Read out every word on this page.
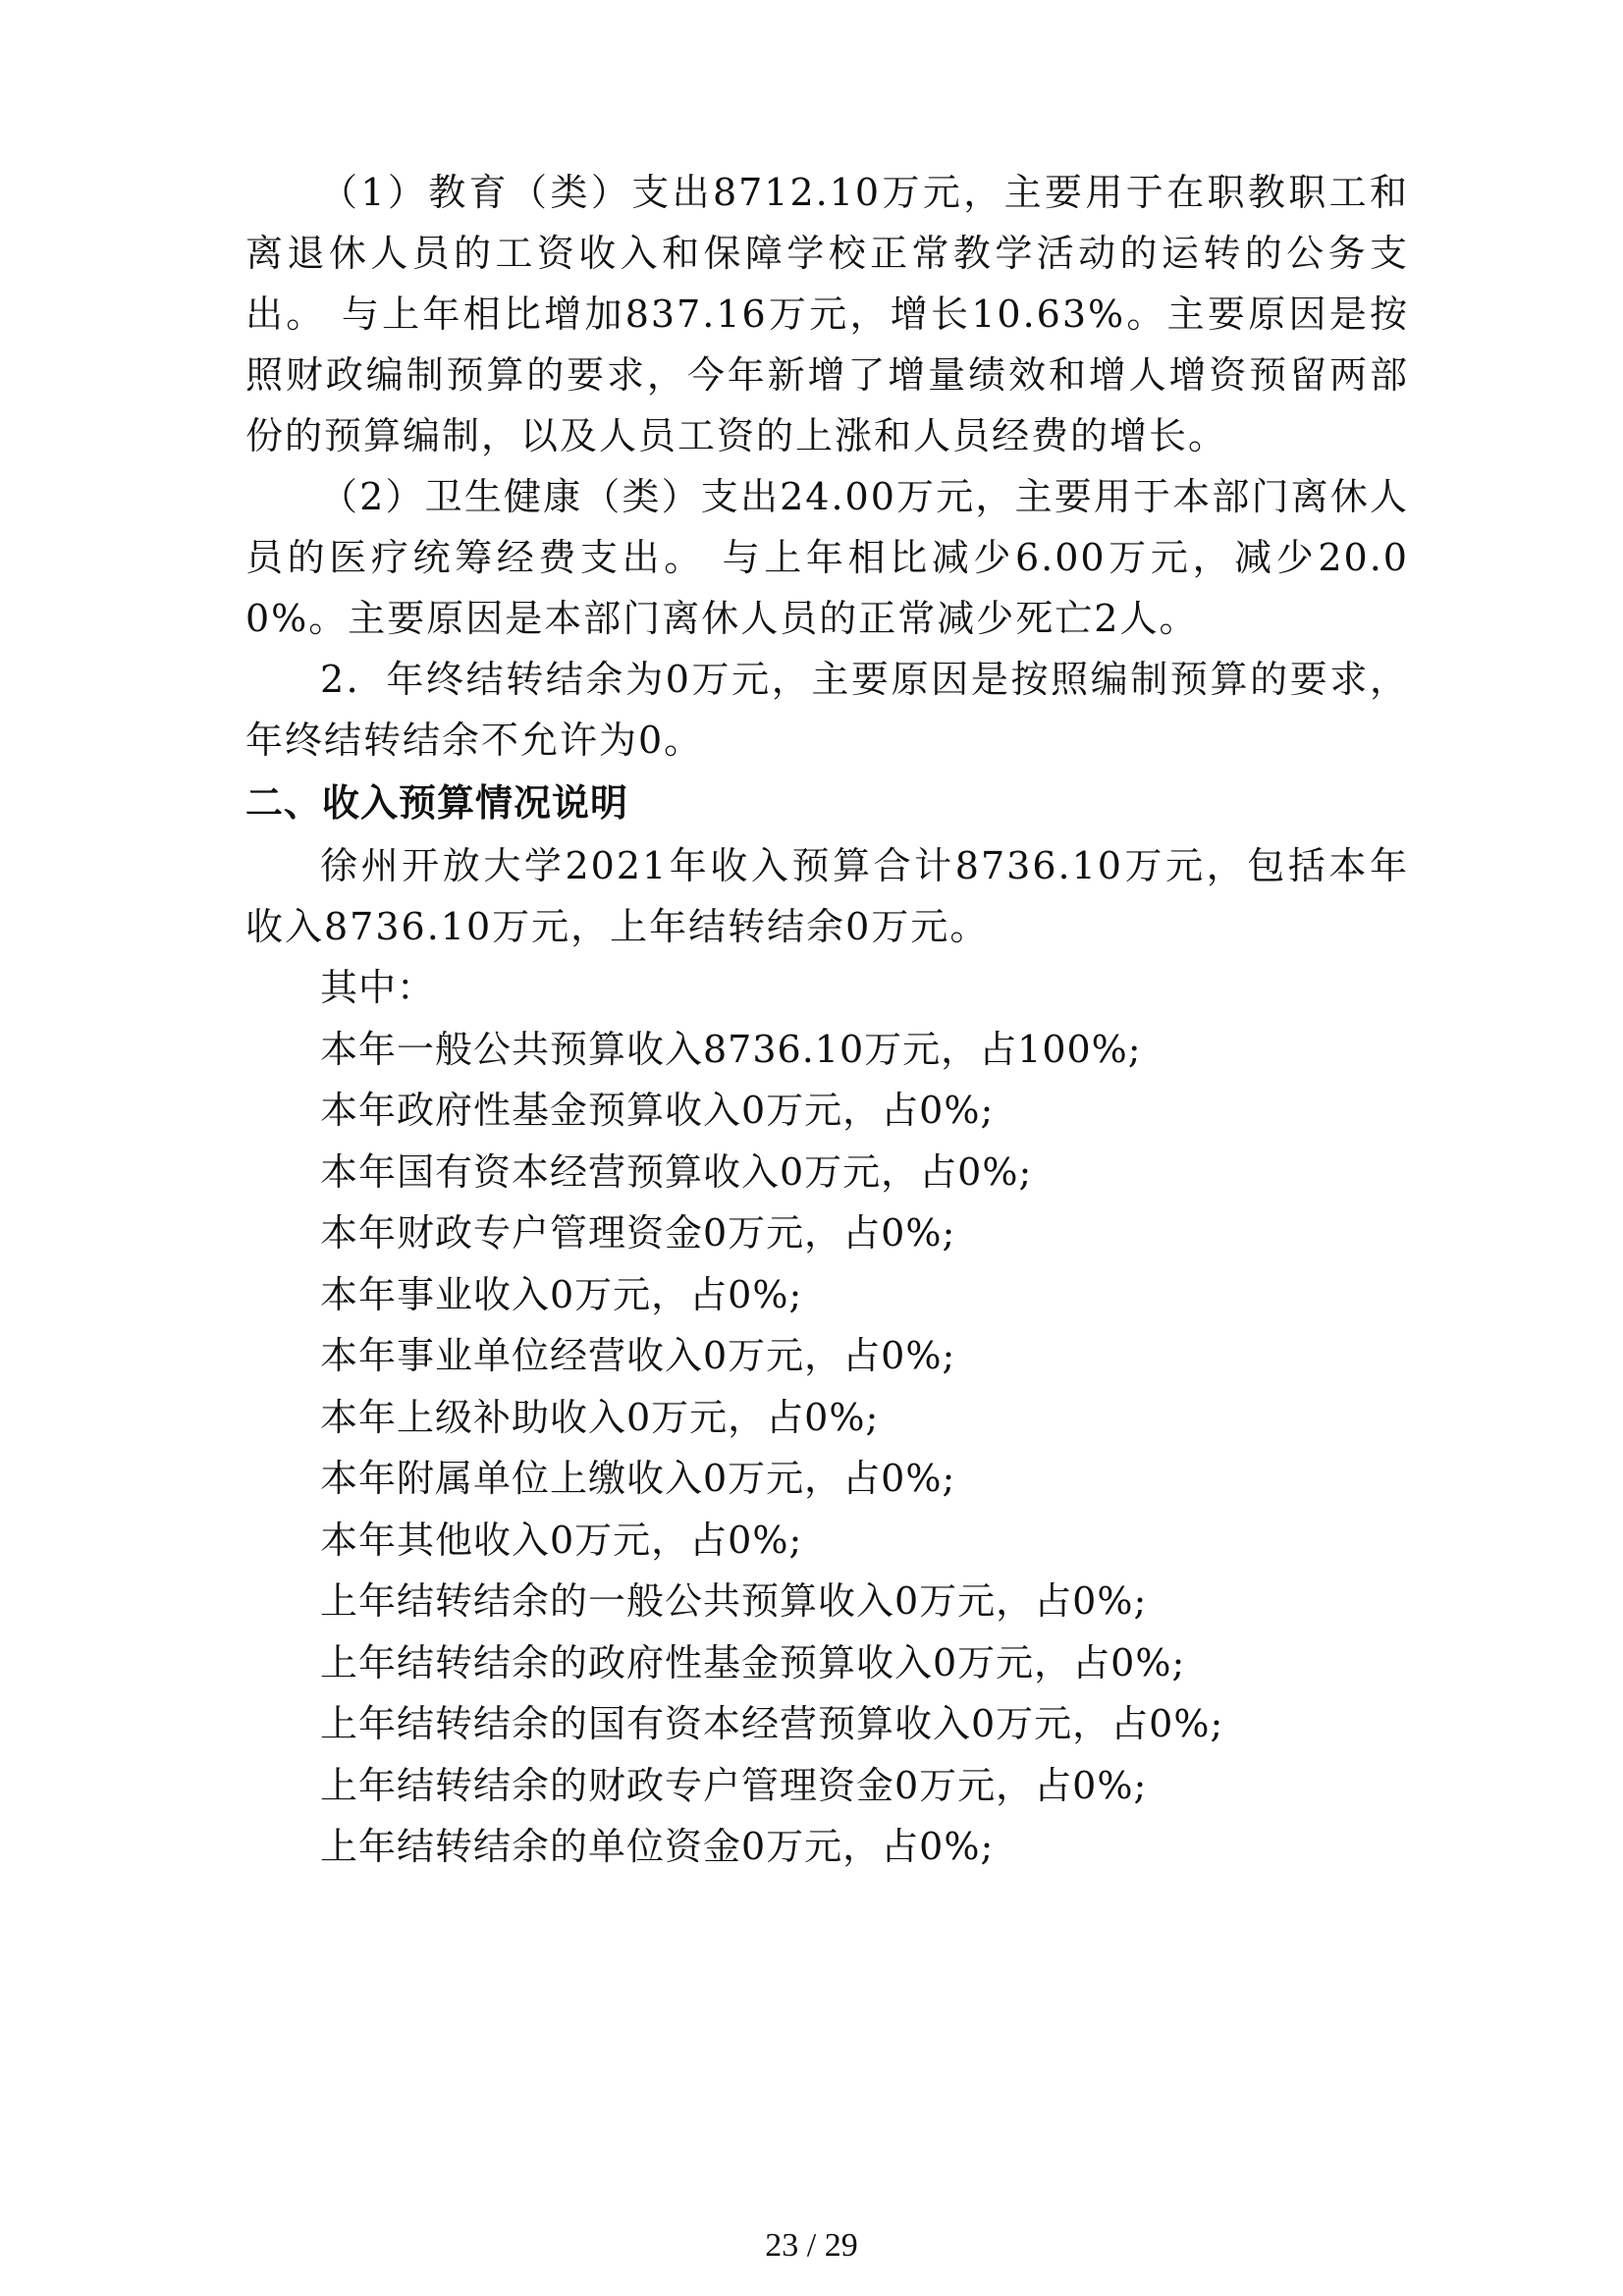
（1）教育（类）支出8712.10万元，主要用于在职教职工和离退休人员的工资收入和保障学校正常教学活动的运转的公务支出。 与上年相比增加837.16万元，增长10.63%。主要原因是按照财政编制预算的要求，今年新增了增量绩效和增人增资预留两部份的预算编制，以及人员工资的上涨和人员经费的增长。

（2）卫生健康（类）支出24.00万元，主要用于本部门离休人员的医疗统筹经费支出。 与上年相比减少6.00万元，减少20.00%。主要原因是本部门离休人员的正常减少死亡2人。

2．年终结转结余为0万元，主要原因是按照编制预算的要求，年终结转结余不允许为0。

二、收入预算情况说明

徐州开放大学2021年收入预算合计8736.10万元，包括本年收入8736.10万元，上年结转结余0万元。

其中：

本年一般公共预算收入8736.10万元，占100%;

本年政府性基金预算收入0万元，占0%;

本年国有资本经营预算收入0万元，占0%;

本年财政专户管理资金0万元，占0%;

本年事业收入0万元，占0%;

本年事业单位经营收入0万元，占0%;

本年上级补助收入0万元，占0%;

本年附属单位上缴收入0万元，占0%;

本年其他收入0万元，占0%;

上年结转结余的一般公共预算收入0万元，占0%;

上年结转结余的政府性基金预算收入0万元，占0%;

上年结转结余的国有资本经营预算收入0万元，占0%;

上年结转结余的财政专户管理资金0万元，占0%;

上年结转结余的单位资金0万元，占0%;

23 / 29
